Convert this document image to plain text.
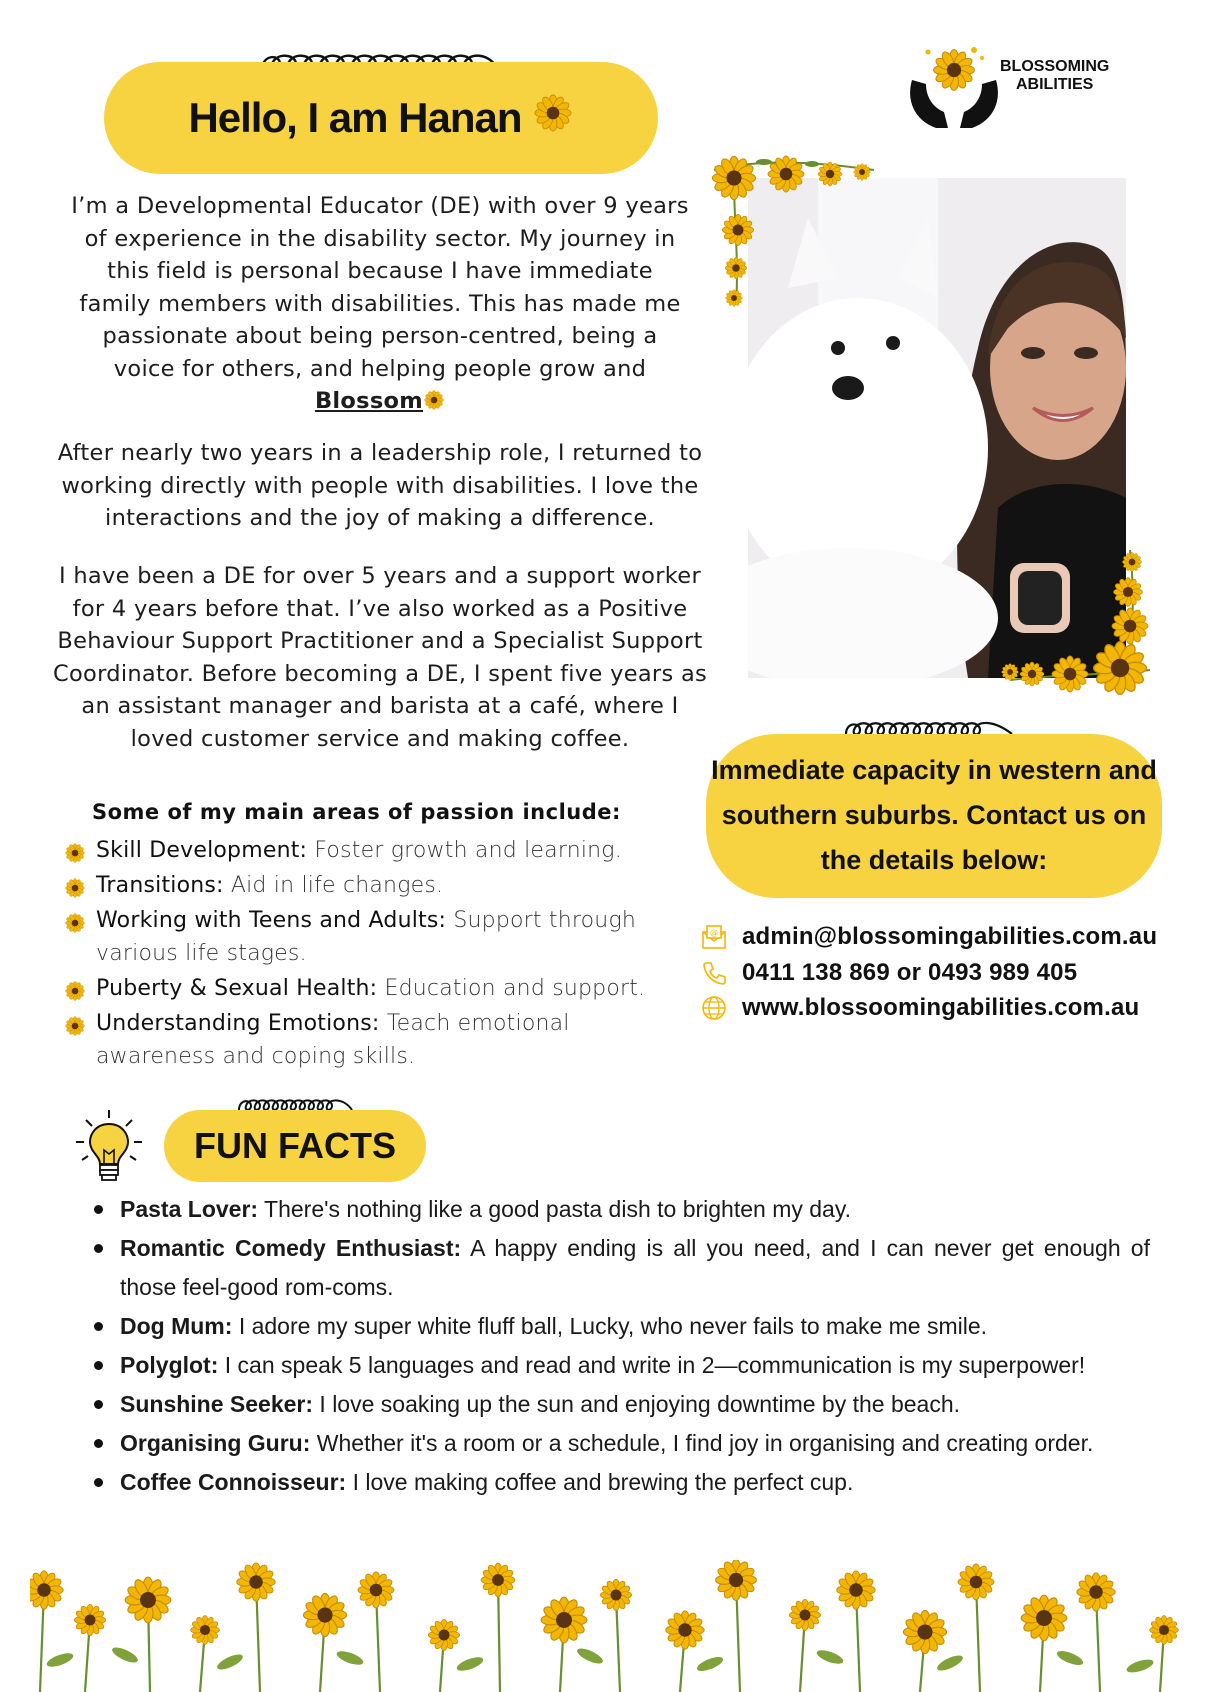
Hello, I am Hanan

I’m a Developmental Educator (DE) with over 9 years of experience in the disability sector. My journey in this field is personal because I have immediate family members with disabilities. This has made me passionate about being person-centred, being a voice for others, and helping people grow and Blossom

After nearly two years in a leadership role, I returned to working directly with people with disabilities. I love the interactions and the joy of making a difference.

I have been a DE for over 5 years and a support worker for 4 years before that. I’ve also worked as a Positive Behaviour Support Practitioner and a Specialist Support Coordinator. Before becoming a DE, I spent five years as an assistant manager and barista at a café, where I loved customer service and making coffee.

Some of my main areas of passion include:
Skill Development: Foster growth and learning.
Transitions: Aid in life changes.
Working with Teens and Adults: Support through various life stages.
Puberty & Sexual Health: Education and support.
Understanding Emotions: Teach emotional awareness and coping skills.
BLOSSOMING
ABILITIES
Immediate capacity in western and southern suburbs. Contact us on the details below:
@ admin@blossomingabilities.com.au
0411 138 869 or 0493 989 405
www.blossoomingabilities.com.au
FUN FACTS
Pasta Lover: There's nothing like a good pasta dish to brighten my day.
Romantic Comedy Enthusiast: A happy ending is all you need, and I can never get enough of those feel-good rom-coms.
Dog Mum: I adore my super white fluff ball, Lucky, who never fails to make me smile.
Polyglot: I can speak 5 languages and read and write in 2—communication is my superpower!
Sunshine Seeker: I love soaking up the sun and enjoying downtime by the beach.
Organising Guru: Whether it's a room or a schedule, I find joy in organising and creating order.
Coffee Connoisseur: I love making coffee and brewing the perfect cup.
